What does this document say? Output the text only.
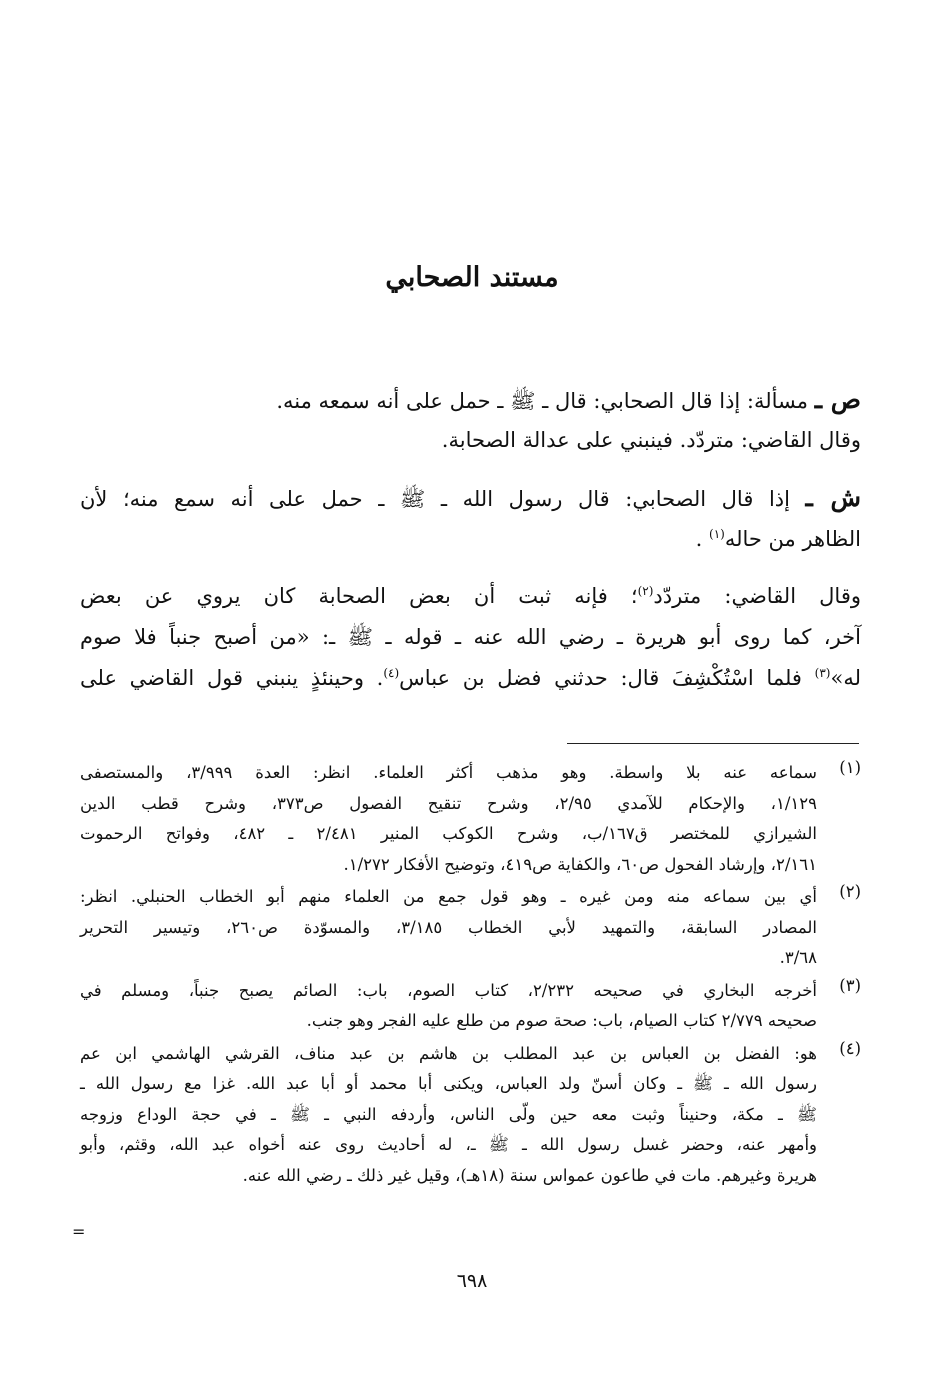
مستند الصحابي
ص ـ مسألة: إذا قال الصحابي: قال ـ ﷺ ـ حمل على أنه سمعه منه.
وقال القاضي: متردّد. فينبني على عدالة الصحابة.
ش ـ إذا قال الصحابي: قال رسول الله ـ ﷺ ـ حمل على أنه سمع منه؛ لأن
الظاهر من حاله$^{(١)}$ .
وقال القاضي: متردّد$^{(٢)}$؛ فإنه ثبت أن بعض الصحابة كان يروي عن بعض
آخر، كما روى أبو هريرة ـ رضي الله عنه ـ قوله ـ ﷺ ـ: «من أصبح جنباً فلا صوم
له»$^{(٣)}$ فلما اسْتُكْشِفَ قال: حدثني فضل بن عباس$^{(٤)}$. وحينئذٍ ينبني قول القاضي على
(١)
سماعه عنه بلا واسطة. وهو مذهب أكثر العلماء. انظر: العدة ٣/٩٩٩، والمستصفى
١/١٢٩، والإحكام للآمدي ٢/٩٥، وشرح تنقيح الفصول ص٣٧٣، وشرح قطب الدين
الشيرازي للمختصر ق١٦٧/ب، وشرح الكوكب المنير ٢/٤٨١ ـ ٤٨٢، وفواتح الرحموت
٢/١٦١، وإرشاد الفحول ص٦٠، والكفاية ص٤١٩، وتوضيح الأفكار ١/٢٧٢.
(٢)
أي بين سماعه منه ومن غيره ـ وهو قول جمع من العلماء منهم أبو الخطاب الحنبلي. انظر:
المصادر السابقة، والتمهيد لأبي الخطاب ٣/١٨٥، والمسوّدة ص٢٦٠، وتيسير التحرير
٣/٦٨.
(٣)
أخرجه البخاري في صحيحه ٢/٢٣٢، كتاب الصوم، باب: الصائم يصبح جنباً، ومسلم في
صحيحه ٢/٧٧٩ كتاب الصيام، باب: صحة صوم من طلع عليه الفجر وهو جنب.
(٤)
هو: الفضل بن العباس بن عبد المطلب بن هاشم بن عبد مناف، القرشي الهاشمي ابن عم
رسول الله ـ ﷺ ـ وكان أسنّ ولد العباس، ويكنى أبا محمد أو أبا عبد الله. غزا مع رسول الله ـ
ﷺ ـ مكة، وحنيناً وثبت معه حين ولّى الناس، وأردفه النبي ـ ﷺ ـ في حجة الوداع وزوجه
وأمهر عنه، وحضر غسل رسول الله ـ ﷺ ـ، له أحاديث روى عنه أخواه عبد الله، وقثم، وأبو
هريرة وغيرهم. مات في طاعون عمواس سنة (١٨هـ)، وقيل غير ذلك ـ رضي الله عنه.
=
٦٩٨
